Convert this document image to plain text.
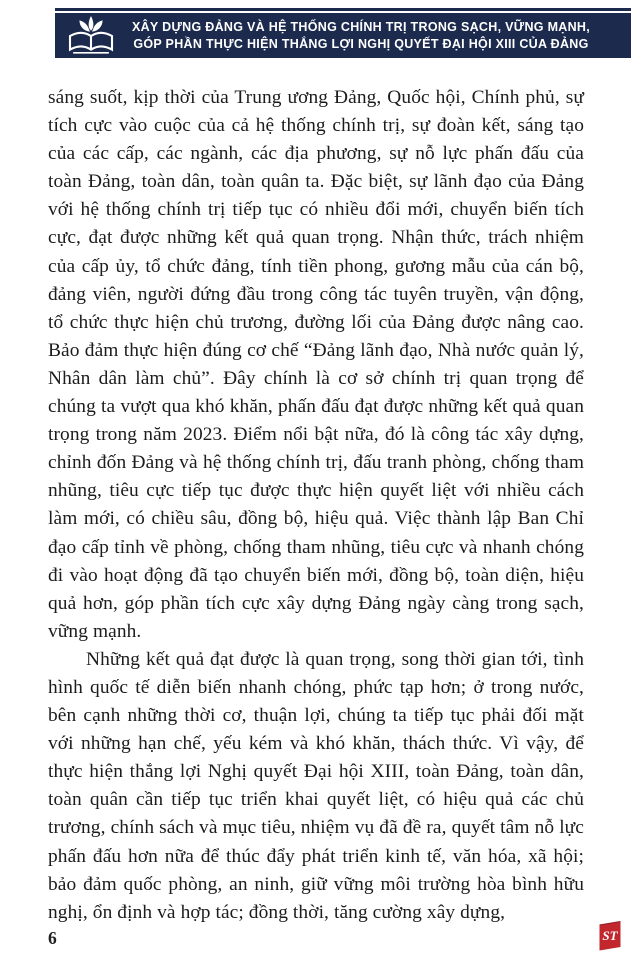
XÂY DỰNG ĐẢNG VÀ HỆ THỐNG CHÍNH TRỊ TRONG SẠCH, VỮNG MẠNH,
GÓP PHẦN THỰC HIỆN THẮNG LỢI NGHỊ QUYẾT ĐẠI HỘI XIII CỦA ĐẢNG

sáng suốt, kịp thời của Trung ương Đảng, Quốc hội, Chính phủ, sự tích cực vào cuộc của cả hệ thống chính trị, sự đoàn kết, sáng tạo của các cấp, các ngành, các địa phương, sự nỗ lực phấn đấu của toàn Đảng, toàn dân, toàn quân ta. Đặc biệt, sự lãnh đạo của Đảng với hệ thống chính trị tiếp tục có nhiều đổi mới, chuyển biến tích cực, đạt được những kết quả quan trọng. Nhận thức, trách nhiệm của cấp ủy, tổ chức đảng, tính tiền phong, gương mẫu của cán bộ, đảng viên, người đứng đầu trong công tác tuyên truyền, vận động, tổ chức thực hiện chủ trương, đường lối của Đảng được nâng cao. Bảo đảm thực hiện đúng cơ chế “Đảng lãnh đạo, Nhà nước quản lý, Nhân dân làm chủ”. Đây chính là cơ sở chính trị quan trọng để chúng ta vượt qua khó khăn, phấn đấu đạt được những kết quả quan trọng trong năm 2023. Điểm nổi bật nữa, đó là công tác xây dựng, chỉnh đốn Đảng và hệ thống chính trị, đấu tranh phòng, chống tham nhũng, tiêu cực tiếp tục được thực hiện quyết liệt với nhiều cách làm mới, có chiều sâu, đồng bộ, hiệu quả. Việc thành lập Ban Chỉ đạo cấp tỉnh về phòng, chống tham nhũng, tiêu cực và nhanh chóng đi vào hoạt động đã tạo chuyển biến mới, đồng bộ, toàn diện, hiệu quả hơn, góp phần tích cực xây dựng Đảng ngày càng trong sạch, vững mạnh.

Những kết quả đạt được là quan trọng, song thời gian tới, tình hình quốc tế diễn biến nhanh chóng, phức tạp hơn; ở trong nước, bên cạnh những thời cơ, thuận lợi, chúng ta tiếp tục phải đối mặt với những hạn chế, yếu kém và khó khăn, thách thức. Vì vậy, để thực hiện thắng lợi Nghị quyết Đại hội XIII, toàn Đảng, toàn dân, toàn quân cần tiếp tục triển khai quyết liệt, có hiệu quả các chủ trương, chính sách và mục tiêu, nhiệm vụ đã đề ra, quyết tâm nỗ lực phấn đấu hơn nữa để thúc đẩy phát triển kinh tế, văn hóa, xã hội; bảo đảm quốc phòng, an ninh, giữ vững môi trường hòa bình hữu nghị, ổn định và hợp tác; đồng thời, tăng cường xây dựng,

6	ST
